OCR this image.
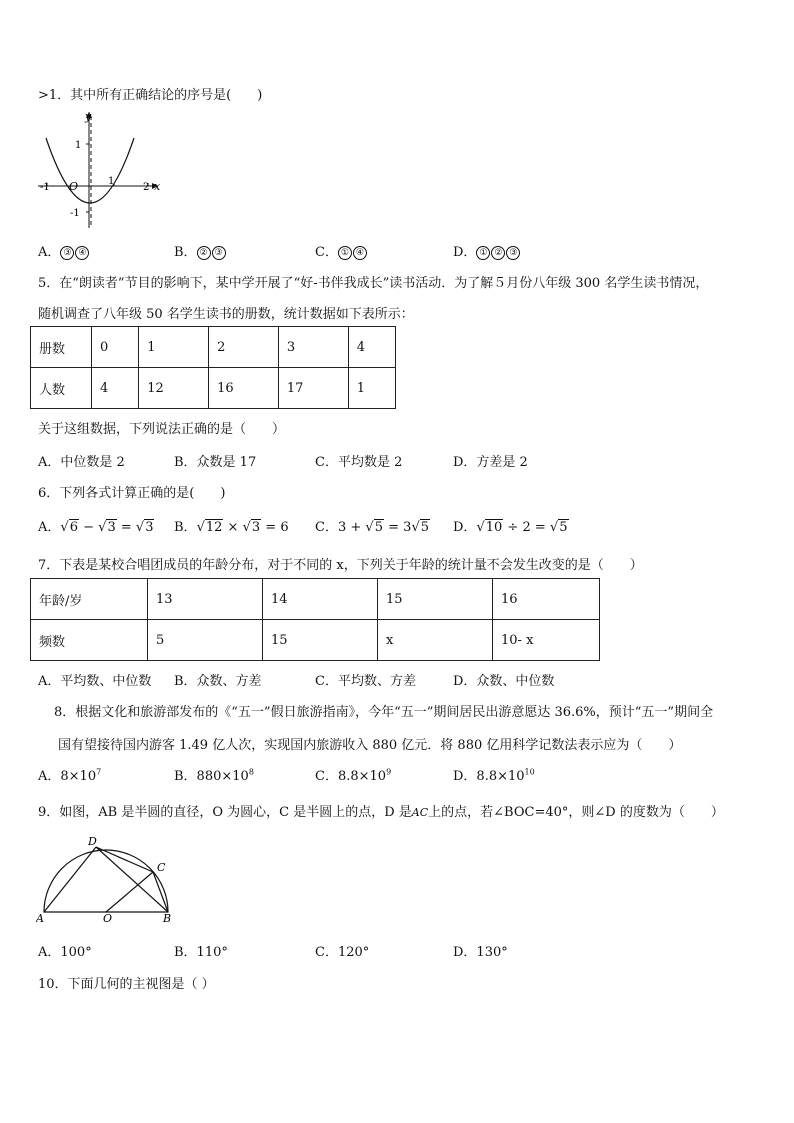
>1．其中所有正确结论的序号是(　　)
y
x
O
1
-1
-1
1
2
A． ③ ④	B． ② ③	C． ① ④	D． ① ② ③
5．在“朗读者”节目的影响下，某中学开展了“好-书伴我成长”读书活动．为了解５月份八年级 300 名学生读书情况，
随机调查了八年级 50 名学生读书的册数，统计数据如下表所示：
册数	0	1	2	3	4
人数	4	12	16	17	1
关于这组数据，下列说法正确的是（　　）
A．中位数是 2	B．众数是 17	C．平均数是 2	D．方差是 2
6．下列各式计算正确的是(　　)
A．√6 − √3 = √3 B．√12 × √3 = 6 C．3 + √5 = 3√5 D．√10 ÷ 2 = √5
7．下表是某校合唱团成员的年龄分布，对于不同的 x，下列关于年龄的统计量不会发生改变的是（　　）
年龄/岁	13	14	15	16
频数	5	15	x	10- x
A．平均数、中位数 B．众数、方差	C．平均数、方差	D．众数、中位数
8．根据文化和旅游部发布的《“五一”假日旅游指南》，今年“五一”期间居民出游意愿达 36.6%，预计“五一”期间全
国有望接待国内游客 1.49 亿人次，实现国内旅游收入 880 亿元．将 880 亿用科学记数法表示应为（　　）
A．$8\times 10^7$	B．$880\times 10^8$	C．$8.8\times 10^9$	D．$8.8\times 10^{10}$
9．如图，AB 是半圆的直径，O 为圆心，C 是半圆上的点，D 是AC上的点，若∠BOC=40°，则∠D 的度数为（　　）
A	B
C
D
O
A．100°	B．110°	C．120°	D．130°
10．下面几何的主视图是（ ）
